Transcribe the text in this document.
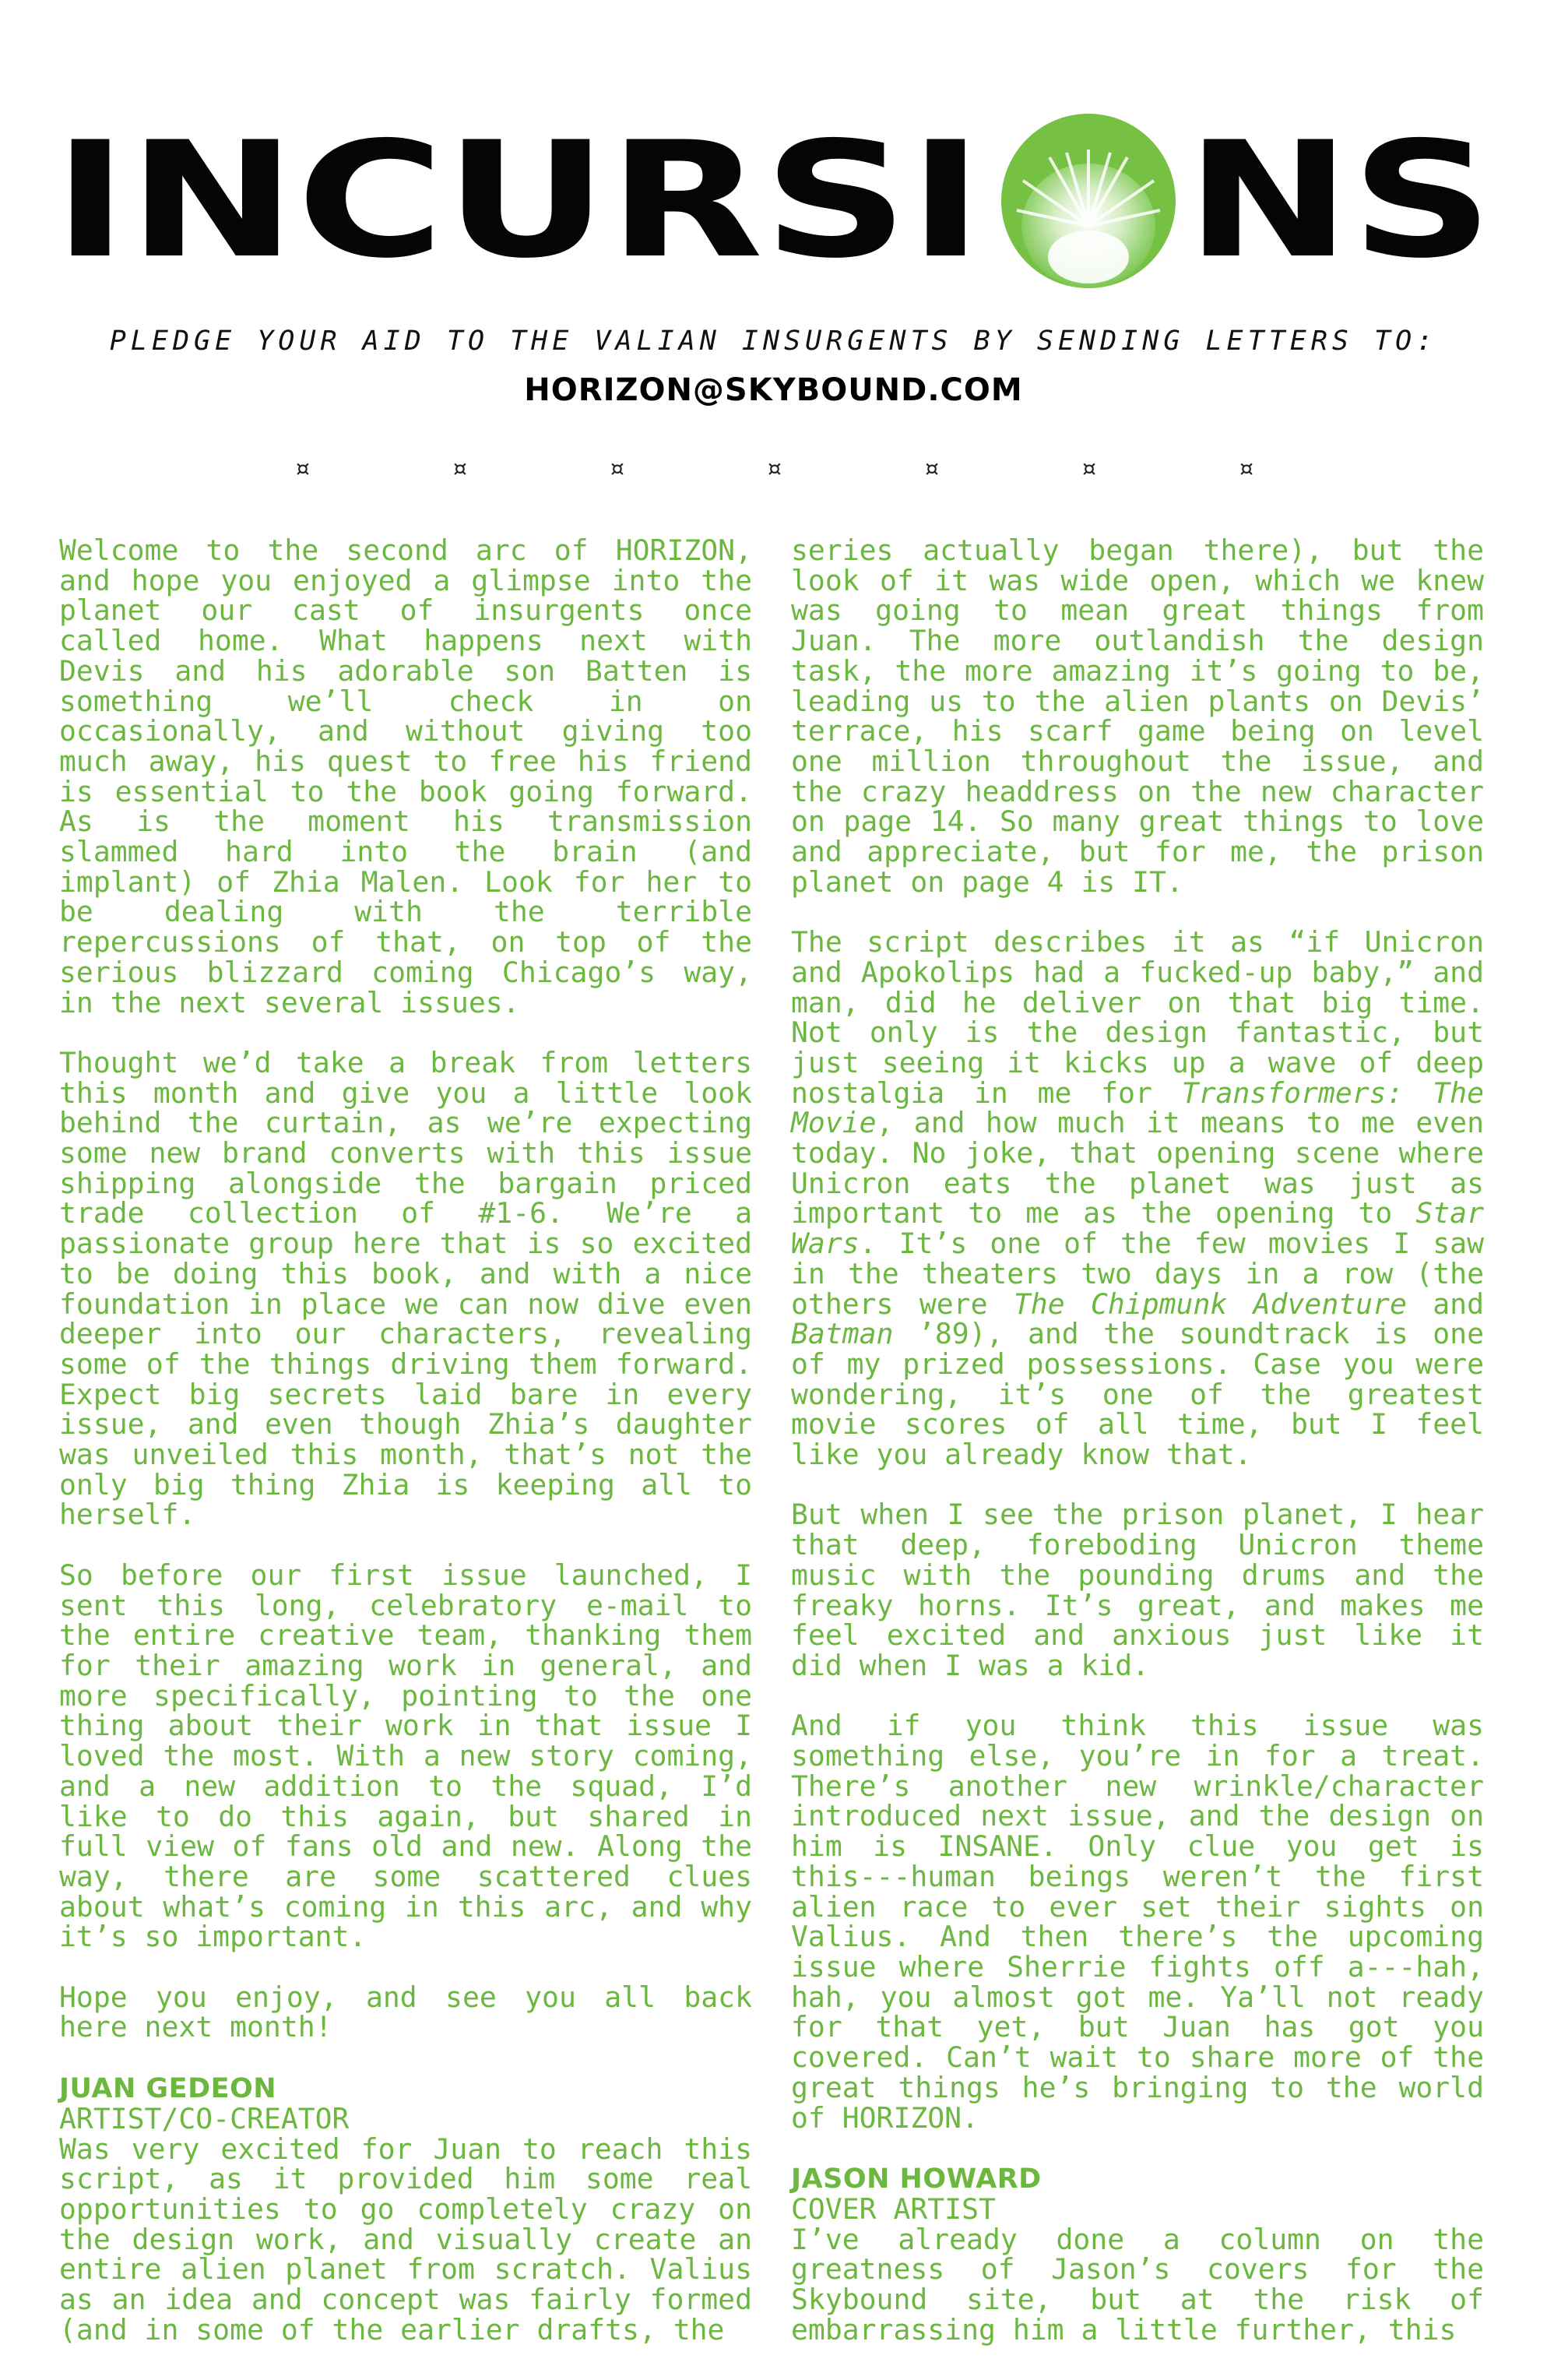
INCURSI NS
PLEDGE YOUR AID TO THE VALIAN INSURGENTS BY SENDING LETTERS TO:
HORIZON@SKYBOUND.COM
¤	¤	¤	¤	¤	¤	¤

Welcome to the second arc of HORIZON, and hope you enjoyed a glimpse into the planet our cast of insurgents once called home. What happens next with Devis and his adorable son Batten is something we’ll check in on occasionally, and without giving too much away, his quest to free his friend is essential to the book going forward. As is the moment his transmission slammed hard into the brain (and implant) of Zhia Malen. Look for her to be dealing with the terrible repercussions of that, on top of the serious blizzard coming Chicago’s way, in the next several issues.

Thought we’d take a break from letters this month and give you a little look behind the curtain, as we’re expecting some new brand converts with this issue shipping alongside the bargain priced trade collection of #1-6. We’re a passionate group here that is so excited to be doing this book, and with a nice foundation in place we can now dive even deeper into our characters, revealing some of the things driving them forward. Expect big secrets laid bare in every issue, and even though Zhia’s daughter was unveiled this month, that’s not the only big thing Zhia is keeping all to herself.

So before our first issue launched, I sent this long, celebratory e-mail to the entire creative team, thanking them for their amazing work in general, and more specifically, pointing to the one thing about their work in that issue I loved the most. With a new story coming, and a new addition to the squad, I’d like to do this again, but shared in full view of fans old and new. Along the way, there are some scattered clues about what’s coming in this arc, and why it’s so important.

Hope you enjoy, and see you all back here next month!

JUAN GEDEON
ARTIST/CO-CREATOR

Was very excited for Juan to reach this script, as it provided him some real opportunities to go completely crazy on the design work, and visually create an entire alien planet from scratch. Valius as an idea and concept was fairly formed (and in some of the earlier drafts, the

series actually began there), but the look of it was wide open, which we knew was going to mean great things from Juan. The more outlandish the design task, the more amazing it’s going to be, leading us to the alien plants on Devis’ terrace, his scarf game being on level one million throughout the issue, and the crazy headdress on the new character on page 14. So many great things to love and appreciate, but for me, the prison planet on page 4 is IT.

The script describes it as “if Unicron and Apokolips had a fucked-up baby,” and man, did he deliver on that big time. Not only is the design fantastic, but just seeing it kicks up a wave of deep nostalgia in me for Transformers: The Movie, and how much it means to me even today. No joke, that opening scene where Unicron eats the planet was just as important to me as the opening to Star Wars. It’s one of the few movies I saw in the theaters two days in a row (the others were The Chipmunk Adventure and Batman ’89), and the soundtrack is one of my prized possessions. Case you were wondering, it’s one of the greatest movie scores of all time, but I feel like you already know that.

But when I see the prison planet, I hear that deep, foreboding Unicron theme music with the pounding drums and the freaky horns. It’s great, and makes me feel excited and anxious just like it did when I was a kid.

And if you think this issue was something else, you’re in for a treat. There’s another new wrinkle/character introduced next issue, and the design on him is INSANE. Only clue you get is this---human beings weren’t the first alien race to ever set their sights on Valius. And then there’s the upcoming issue where Sherrie fights off a---hah, hah, you almost got me. Ya’ll not ready for that yet, but Juan has got you covered. Can’t wait to share more of the great things he’s bringing to the world of HORIZON.

JASON HOWARD
COVER ARTIST

I’ve already done a column on the greatness of Jason’s covers for the Skybound site, but at the risk of embarrassing him a little further, this
